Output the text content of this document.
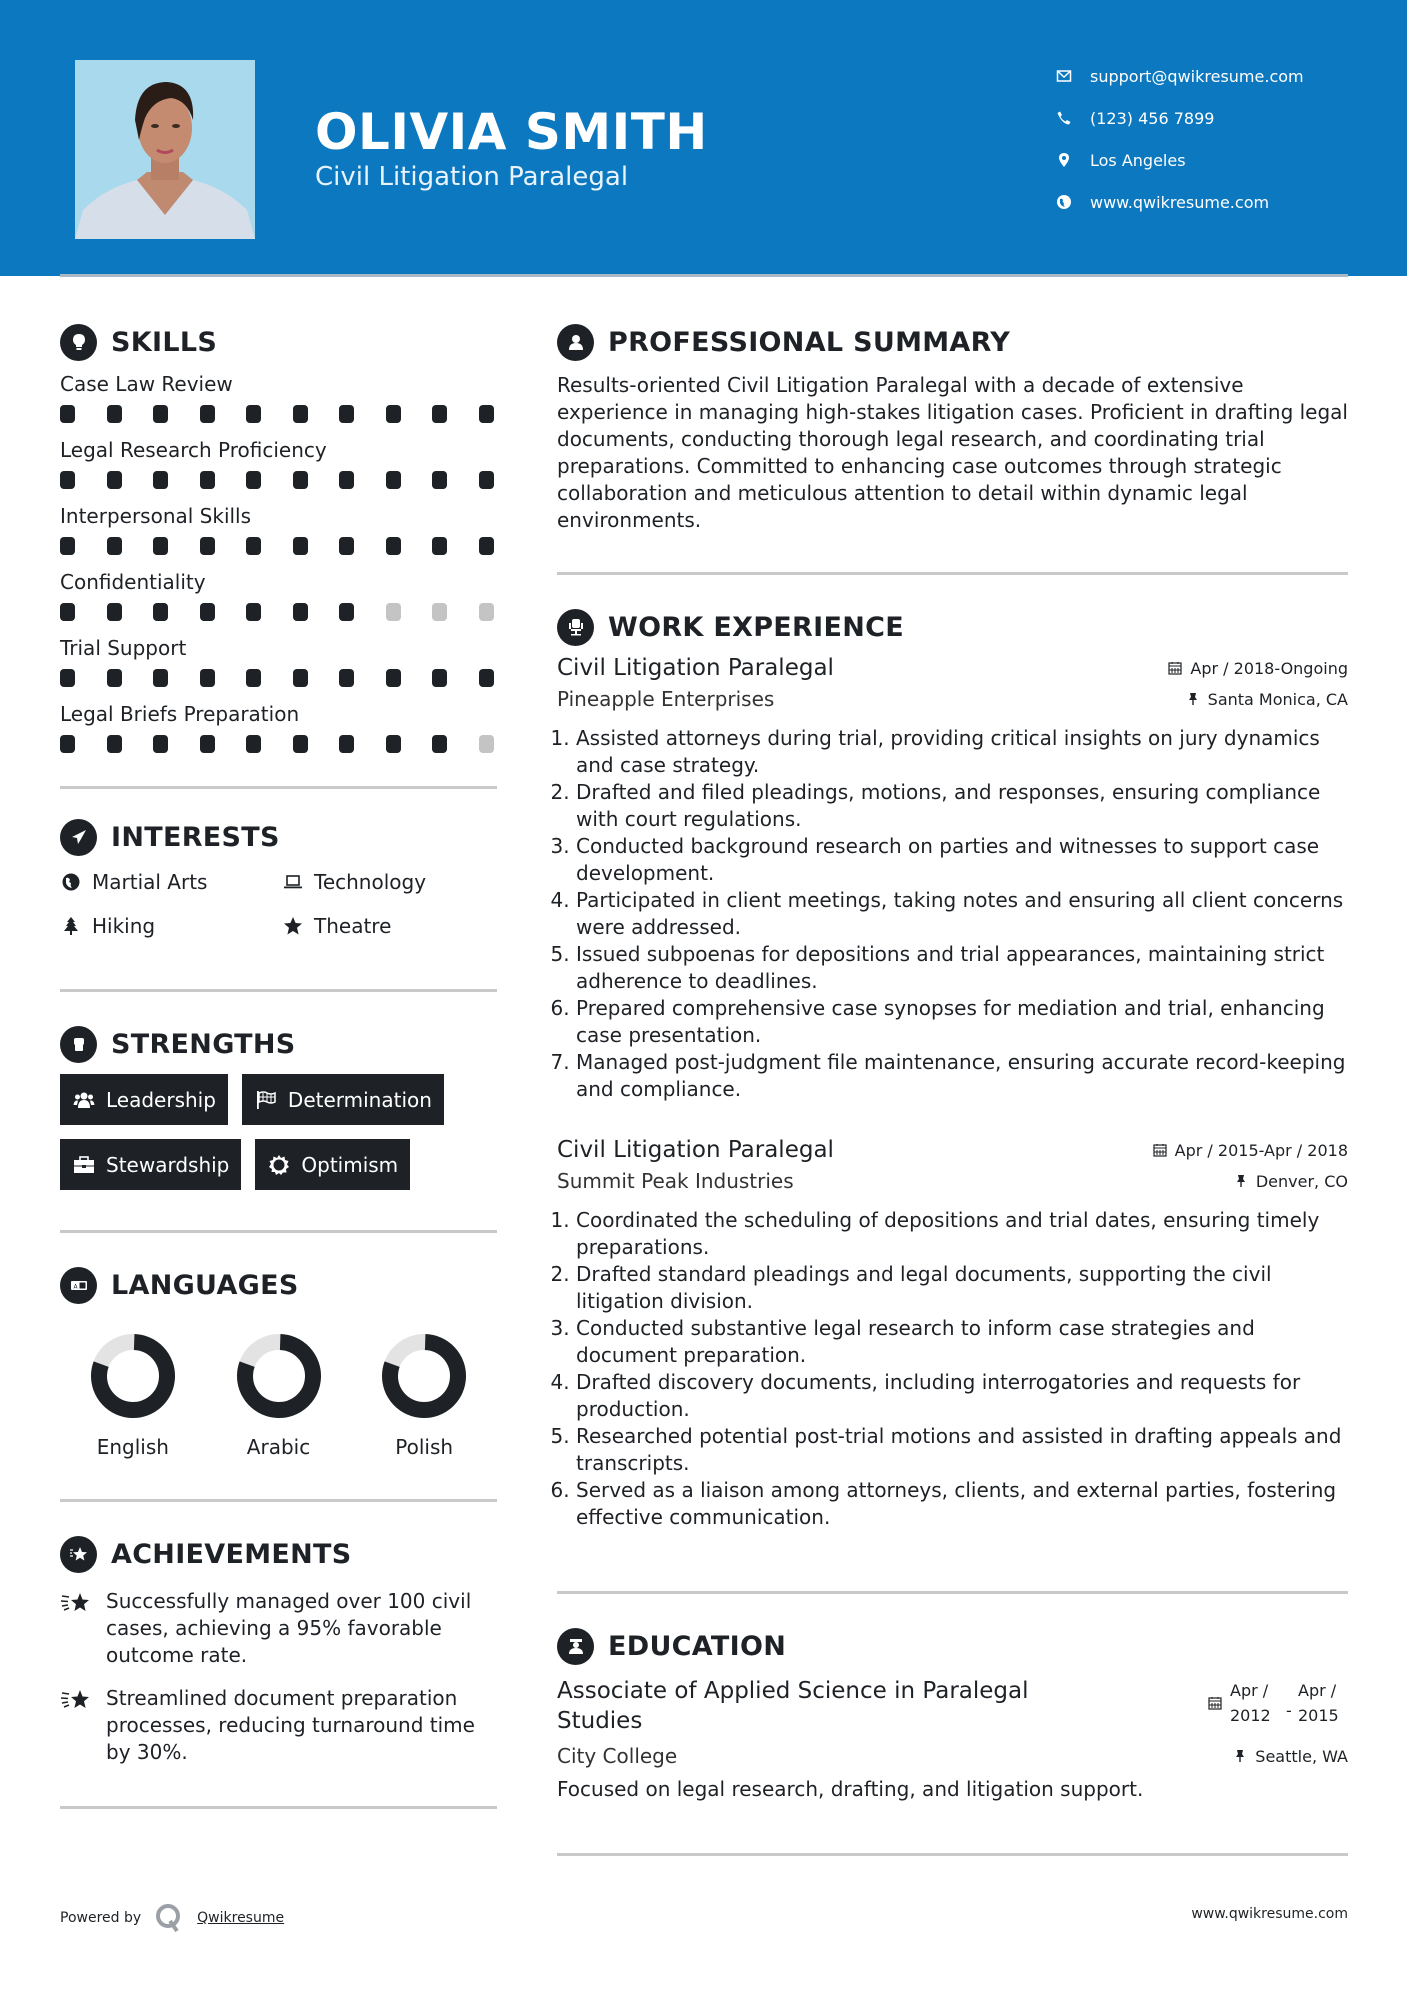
OLIVIA SMITH
Civil Litigation Paralegal
support@qwikresume.com
(123) 456 7899
Los Angeles
www.qwikresume.com
SKILLS
Case Law Review
Legal Research Proficiency
Interpersonal Skills
Confidentiality
Trial Support
Legal Briefs Preparation
INTERESTS
Martial Arts	Technology
Hiking	Theatre
STRENGTHS
Leadership	Determination
Stewardship	Optimism
A LANGUAGES
English	Arabic	Polish
ACHIEVEMENTS
Successfully managed over 100 civil cases, achieving a 95% favorable outcome rate.
Streamlined document preparation processes, reducing turnaround time by 30%.
PROFESSIONAL SUMMARY

Results-oriented Civil Litigation Paralegal with a decade of extensive experience in managing high-stakes litigation cases. Proficient in drafting legal documents, conducting thorough legal research, and coordinating trial preparations. Committed to enhancing case outcomes through strategic collaboration and meticulous attention to detail within dynamic legal environments.

WORK EXPERIENCE
Civil Litigation Paralegal	Apr / 2018-Ongoing
Pineapple Enterprises	Santa Monica, CA
1. Assisted attorneys during trial, providing critical insights on jury dynamics and case strategy.
2. Drafted and filed pleadings, motions, and responses, ensuring compliance with court regulations.
3. Conducted background research on parties and witnesses to support case development.
4. Participated in client meetings, taking notes and ensuring all client concerns were addressed.
5. Issued subpoenas for depositions and trial appearances, maintaining strict adherence to deadlines.
6. Prepared comprehensive case synopses for mediation and trial, enhancing case presentation.
7. Managed post-judgment file maintenance, ensuring accurate record-keeping and compliance.
Civil Litigation Paralegal	Apr / 2015-Apr / 2018
Summit Peak Industries	Denver, CO
1. Coordinated the scheduling of depositions and trial dates, ensuring timely preparations.
2. Drafted standard pleadings and legal documents, supporting the civil litigation division.
3. Conducted substantive legal research to inform case strategies and document preparation.
4. Drafted discovery documents, including interrogatories and requests for production.
5. Researched potential post-trial motions and assisted in drafting appeals and transcripts.
6. Served as a liaison among attorneys, clients, and external parties, fostering effective communication.
EDUCATION
Associate of Applied Science in Paralegal Studies
Apr / 2012 -
Apr / 2015
City College	Seattle, WA
Focused on legal research, drafting, and litigation support.
Powered by	Qwikresume	www.qwikresume.com
